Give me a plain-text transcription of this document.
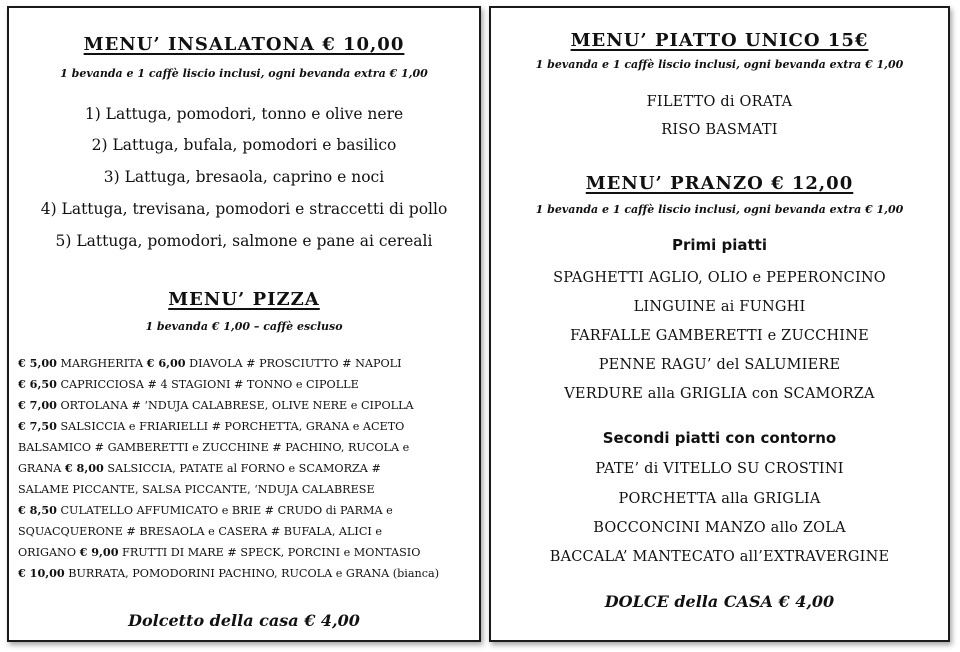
MENU’ INSALATONA € 10,00
1 bevanda e 1 caffè liscio inclusi, ogni bevanda extra € 1,00
1) Lattuga, pomodori, tonno e olive nere
2) Lattuga, bufala, pomodori e basilico
3) Lattuga, bresaola, caprino e noci
4) Lattuga, trevisana, pomodori e straccetti di pollo
5) Lattuga, pomodori, salmone e pane ai cereali
MENU’ PIZZA
1 bevanda € 1,00 – caffè escluso
€ 5,00 MARGHERITA € 6,00 DIAVOLA # PROSCIUTTO # NAPOLI
€ 6,50 CAPRICCIOSA # 4 STAGIONI # TONNO e CIPOLLE
€ 7,00 ORTOLANA # ‘NDUJA CALABRESE, OLIVE NERE e CIPOLLA
€ 7,50 SALSICCIA e FRIARIELLI # PORCHETTA, GRANA e ACETO
BALSAMICO # GAMBERETTI e ZUCCHINE # PACHINO, RUCOLA e
GRANA € 8,00 SALSICCIA, PATATE al FORNO e SCAMORZA #
SALAME PICCANTE, SALSA PICCANTE, ‘NDUJA CALABRESE
€ 8,50 CULATELLO AFFUMICATO e BRIE # CRUDO di PARMA e
SQUACQUERONE # BRESAOLA e CASERA # BUFALA, ALICI e
ORIGANO € 9,00 FRUTTI DI MARE # SPECK, PORCINI e MONTASIO
€ 10,00 BURRATA, POMODORINI PACHINO, RUCOLA e GRANA (bianca)
Dolcetto della casa € 4,00
MENU’ PIATTO UNICO 15€
1 bevanda e 1 caffè liscio inclusi, ogni bevanda extra € 1,00
FILETTO di ORATA
RISO BASMATI
MENU’ PRANZO € 12,00
1 bevanda e 1 caffè liscio inclusi, ogni bevanda extra € 1,00
Primi piatti
SPAGHETTI AGLIO, OLIO e PEPERONCINO
LINGUINE ai FUNGHI
FARFALLE GAMBERETTI e ZUCCHINE
PENNE RAGU’ del SALUMIERE
VERDURE alla GRIGLIA con SCAMORZA
Secondi piatti con contorno
PATE’ di VITELLO SU CROSTINI
PORCHETTA alla GRIGLIA
BOCCONCINI MANZO allo ZOLA
BACCALA’ MANTECATO all’EXTRAVERGINE
DOLCE della CASA € 4,00
